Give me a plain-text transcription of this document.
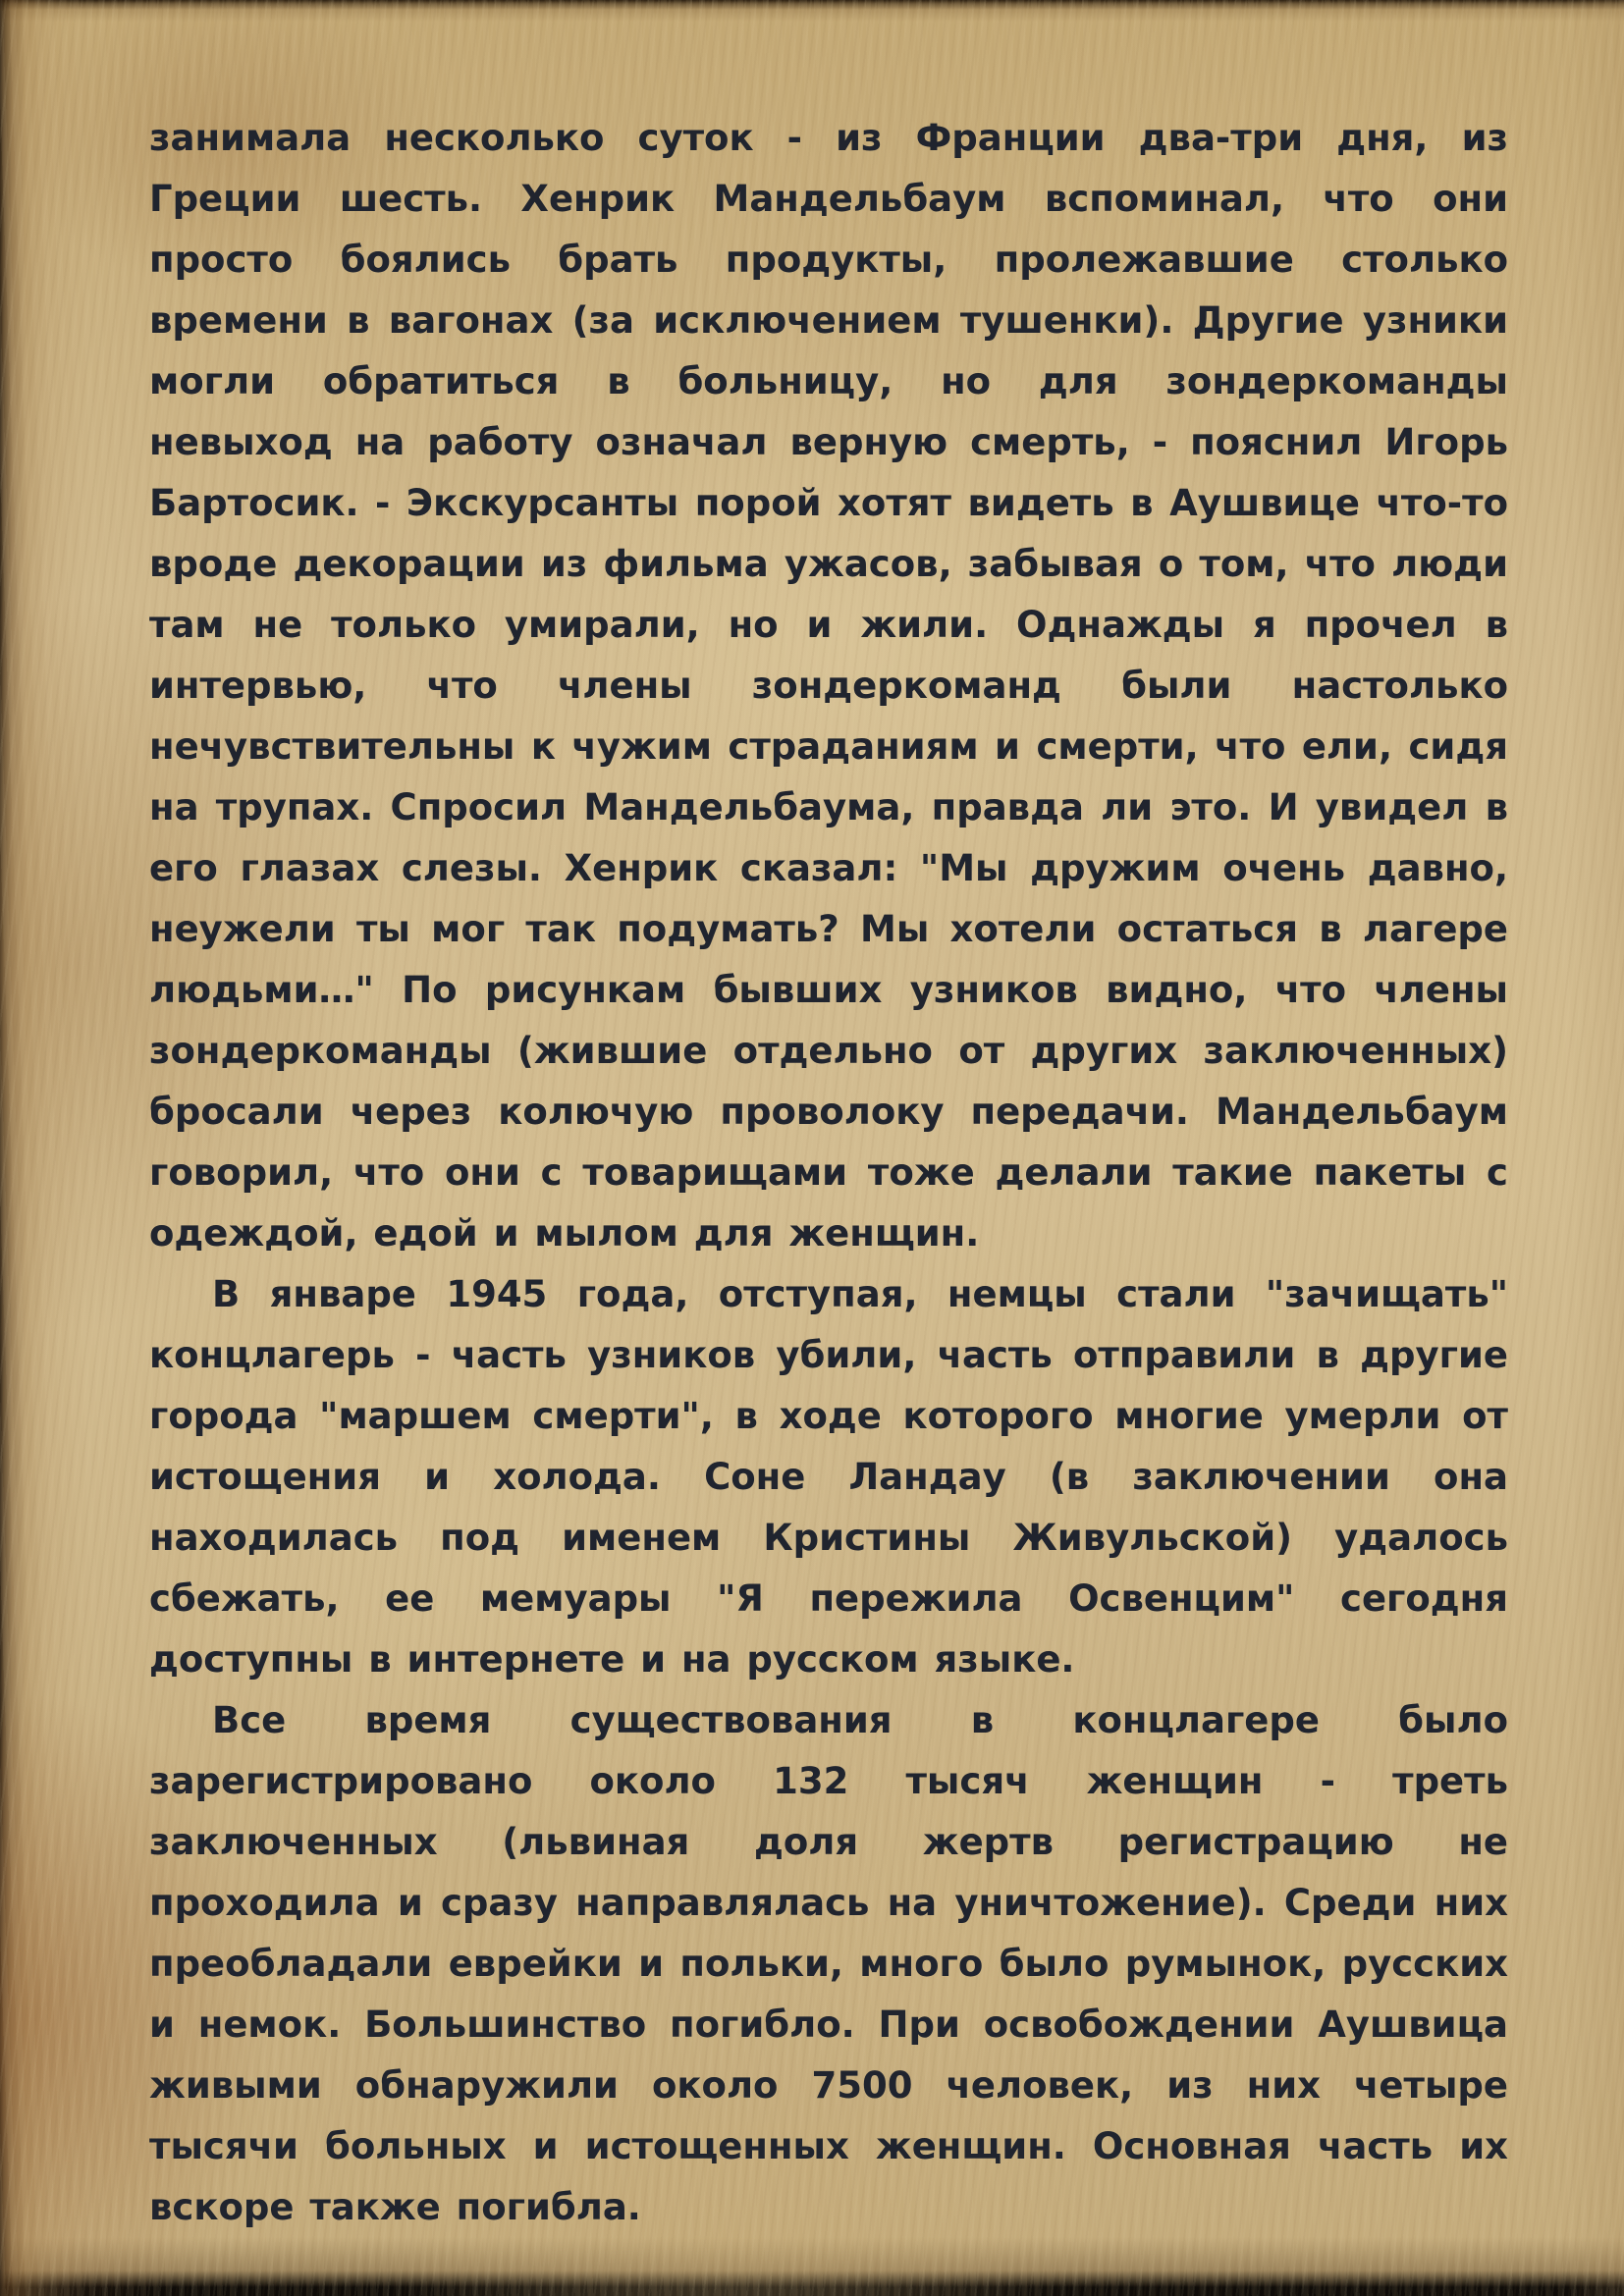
занимала несколько суток - из Франции два-три дня, из Греции шесть. Хенрик Мандельбаум вспоминал, что они просто боялись брать продукты, пролежавшие столько времени в вагонах (за исключением тушенки). Другие узники могли обратиться в больницу, но для зондеркоманды невыход на работу означал верную смерть, - пояснил Игорь Бартосик. - Экскурсанты порой хотят видеть в Аушвице что-то вроде декорации из фильма ужасов, забывая о том, что люди там не только умирали, но и жили. Однажды я прочел в интервью, что члены зондеркоманд были настолько нечувствительны к чужим страданиям и смерти, что ели, сидя на трупах. Спросил Мандельбаума, правда ли это. И увидел в его глазах слезы. Хенрик сказал: "Мы дружим очень давно, неужели ты мог так подумать? Мы хотели остаться в лагере людьми…" По рисункам бывших узников видно, что члены зондеркоманды (жившие отдельно от других заключенных) бросали через колючую проволоку передачи. Мандельбаум говорил, что они с товарищами тоже делали такие пакеты с одеждой, едой и мылом для женщин.

В январе 1945 года, отступая, немцы стали "зачищать" концлагерь - часть узников убили, часть отправили в другие города "маршем смерти", в ходе которого многие умерли от истощения и холода. Соне Ландау (в заключении она находилась под именем Кристины Живульской) удалось сбежать, ее мемуары "Я пережила Освенцим" сегодня доступны в интернете и на русском языке.

Все время существования в концлагере было зарегистрировано около 132 тысяч женщин - треть заключенных (львиная доля жертв регистрацию не проходила и сразу направлялась на уничтожение). Среди них преобладали еврейки и польки, много было румынок, русских и немок. Большинство погибло. При освобождении Аушвица живыми обнаружили около 7500 человек, из них четыре тысячи больных и истощенных женщин. Основная часть их вскоре также погибла.
